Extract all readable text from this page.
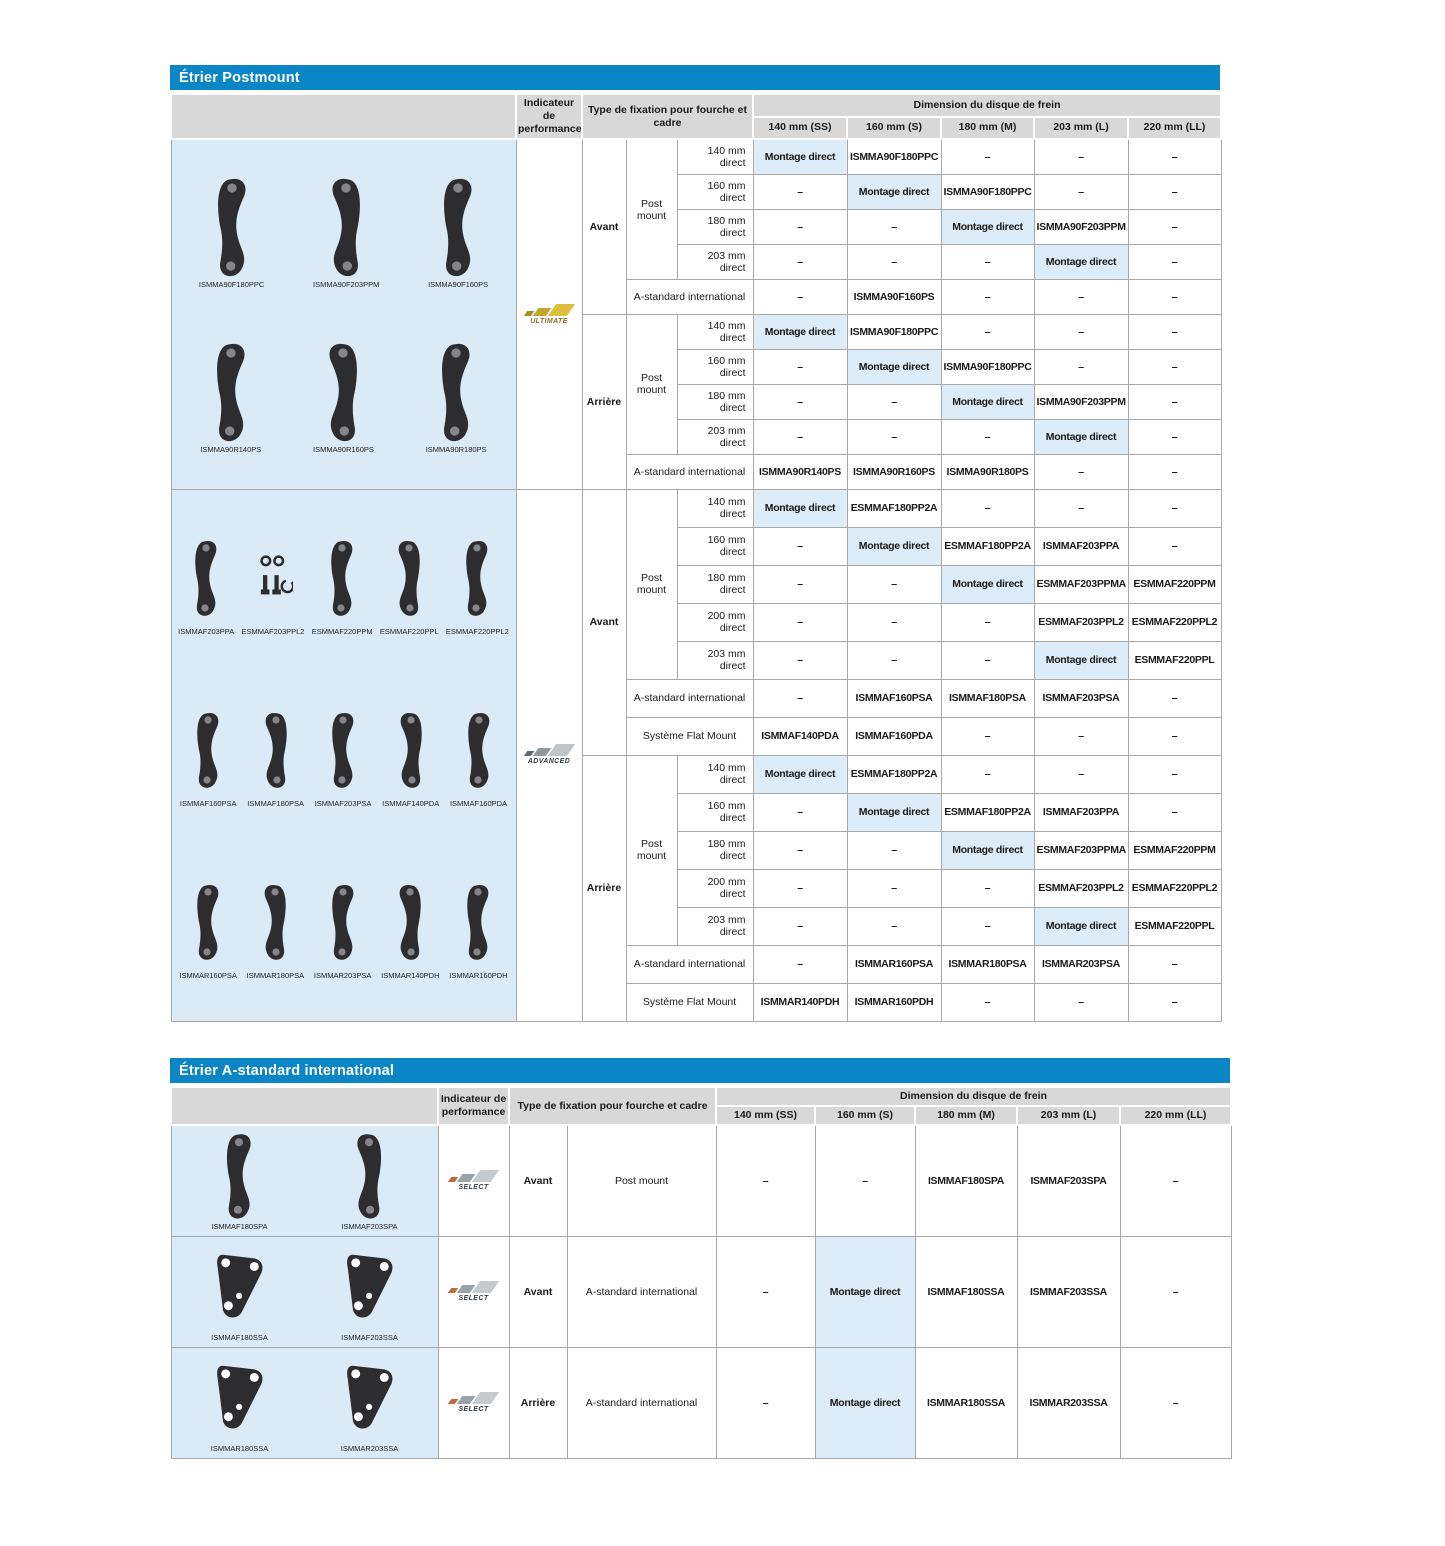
Étrier Postmount
	Indicateur de performance	Type de fixation pour fourche et cadre			Dimension du disque de frein				
					140 mm (SS)	160 mm (S)	180 mm (M)	203 mm (L)	220 mm (LL)

ISMMA90F180PPC	ISMMA90F203PPM	ISMMA90F160PS
ISMMA90R140PS	ISMMA90R160PS	ISMMA90R180PS

ULTIMATE
	Avant	Post mount	140 mm direct	Montage direct	ISMMA90F180PPC	–	–	–
				160 mm direct	–	Montage direct	ISMMA90F180PPC	–	–
				180 mm direct	–	–	Montage direct	ISMMA90F203PPM	–
				203 mm direct	–	–	–	Montage direct	–
			A-standard international		–	ISMMA90F160PS	–	–	–
		Arrière	Post mount	140 mm direct	Montage direct	ISMMA90F180PPC	–	–	–
				160 mm direct	–	Montage direct	ISMMA90F180PPC	–	–
				180 mm direct	–	–	Montage direct	ISMMA90F203PPM	–
				203 mm direct	–	–	–	Montage direct	–
			A-standard international		ISMMA90R140PS	ISMMA90R160PS	ISMMA90R180PS	–	–

ISMMAF203PPA ESMMAF203PPL2 ESMMAF220PPM ESMMAF220PPL ESMMAF220PPL2
ISMMAF160PSA ISMMAF180PSA ISMMAF203PSA ISMMAF140PDA ISMMAF160PDA
ISMMAR160PSA ISMMAR180PSA ISMMAR203PSA ISMMAR140PDH ISMMAR160PDH

ADVANCED
	Avant	Post mount	140 mm direct	Montage direct	ESMMAF180PP2A	–	–	–
				160 mm direct	–	Montage direct	ESMMAF180PP2A	ISMMAF203PPA	–
				180 mm direct	–	–	Montage direct	ESMMAF203PPMA	ESMMAF220PPM
				200 mm direct	–	–	–	ESMMAF203PPL2	ESMMAF220PPL2
				203 mm direct	–	–	–	Montage direct	ESMMAF220PPL
			A-standard international		–	ISMMAF160PSA	ISMMAF180PSA	ISMMAF203PSA	–
			Système Flat Mount		ISMMAF140PDA	ISMMAF160PDA	–	–	–
		Arrière	Post mount	140 mm direct	Montage direct	ESMMAF180PP2A	–	–	–
				160 mm direct	–	Montage direct	ESMMAF180PP2A	ISMMAF203PPA	–
				180 mm direct	–	–	Montage direct	ESMMAF203PPMA	ESMMAF220PPM
				200 mm direct	–	–	–	ESMMAF203PPL2	ESMMAF220PPL2
				203 mm direct	–	–	–	Montage direct	ESMMAF220PPL
			A-standard international		–	ISMMAR160PSA	ISMMAR180PSA	ISMMAR203PSA	–
			Système Flat Mount		ISMMAR140PDH	ISMMAR160PDH	–	–	–
Étrier A-standard international
	Indicateur de performance	Type de fixation pour fourche et cadre		Dimension du disque de frein				
				140 mm (SS)	160 mm (S)	180 mm (M)	203 mm (L)	220 mm (LL)

ISMMAF180SPA ISMMAF203SPA	SELECT	Avant	Post mount	–	–	ISMMAF180SPA	ISMMAF203SPA	–

ISMMAF180SSA ISMMAF203SSA	SELECT	Avant	A-standard international	–	Montage direct	ISMMAF180SSA	ISMMAF203SSA	–

ISMMAR180SSA ISMMAR203SSA	SELECT	Arrière	A-standard international	–	Montage direct	ISMMAR180SSA	ISMMAR203SSA	–
